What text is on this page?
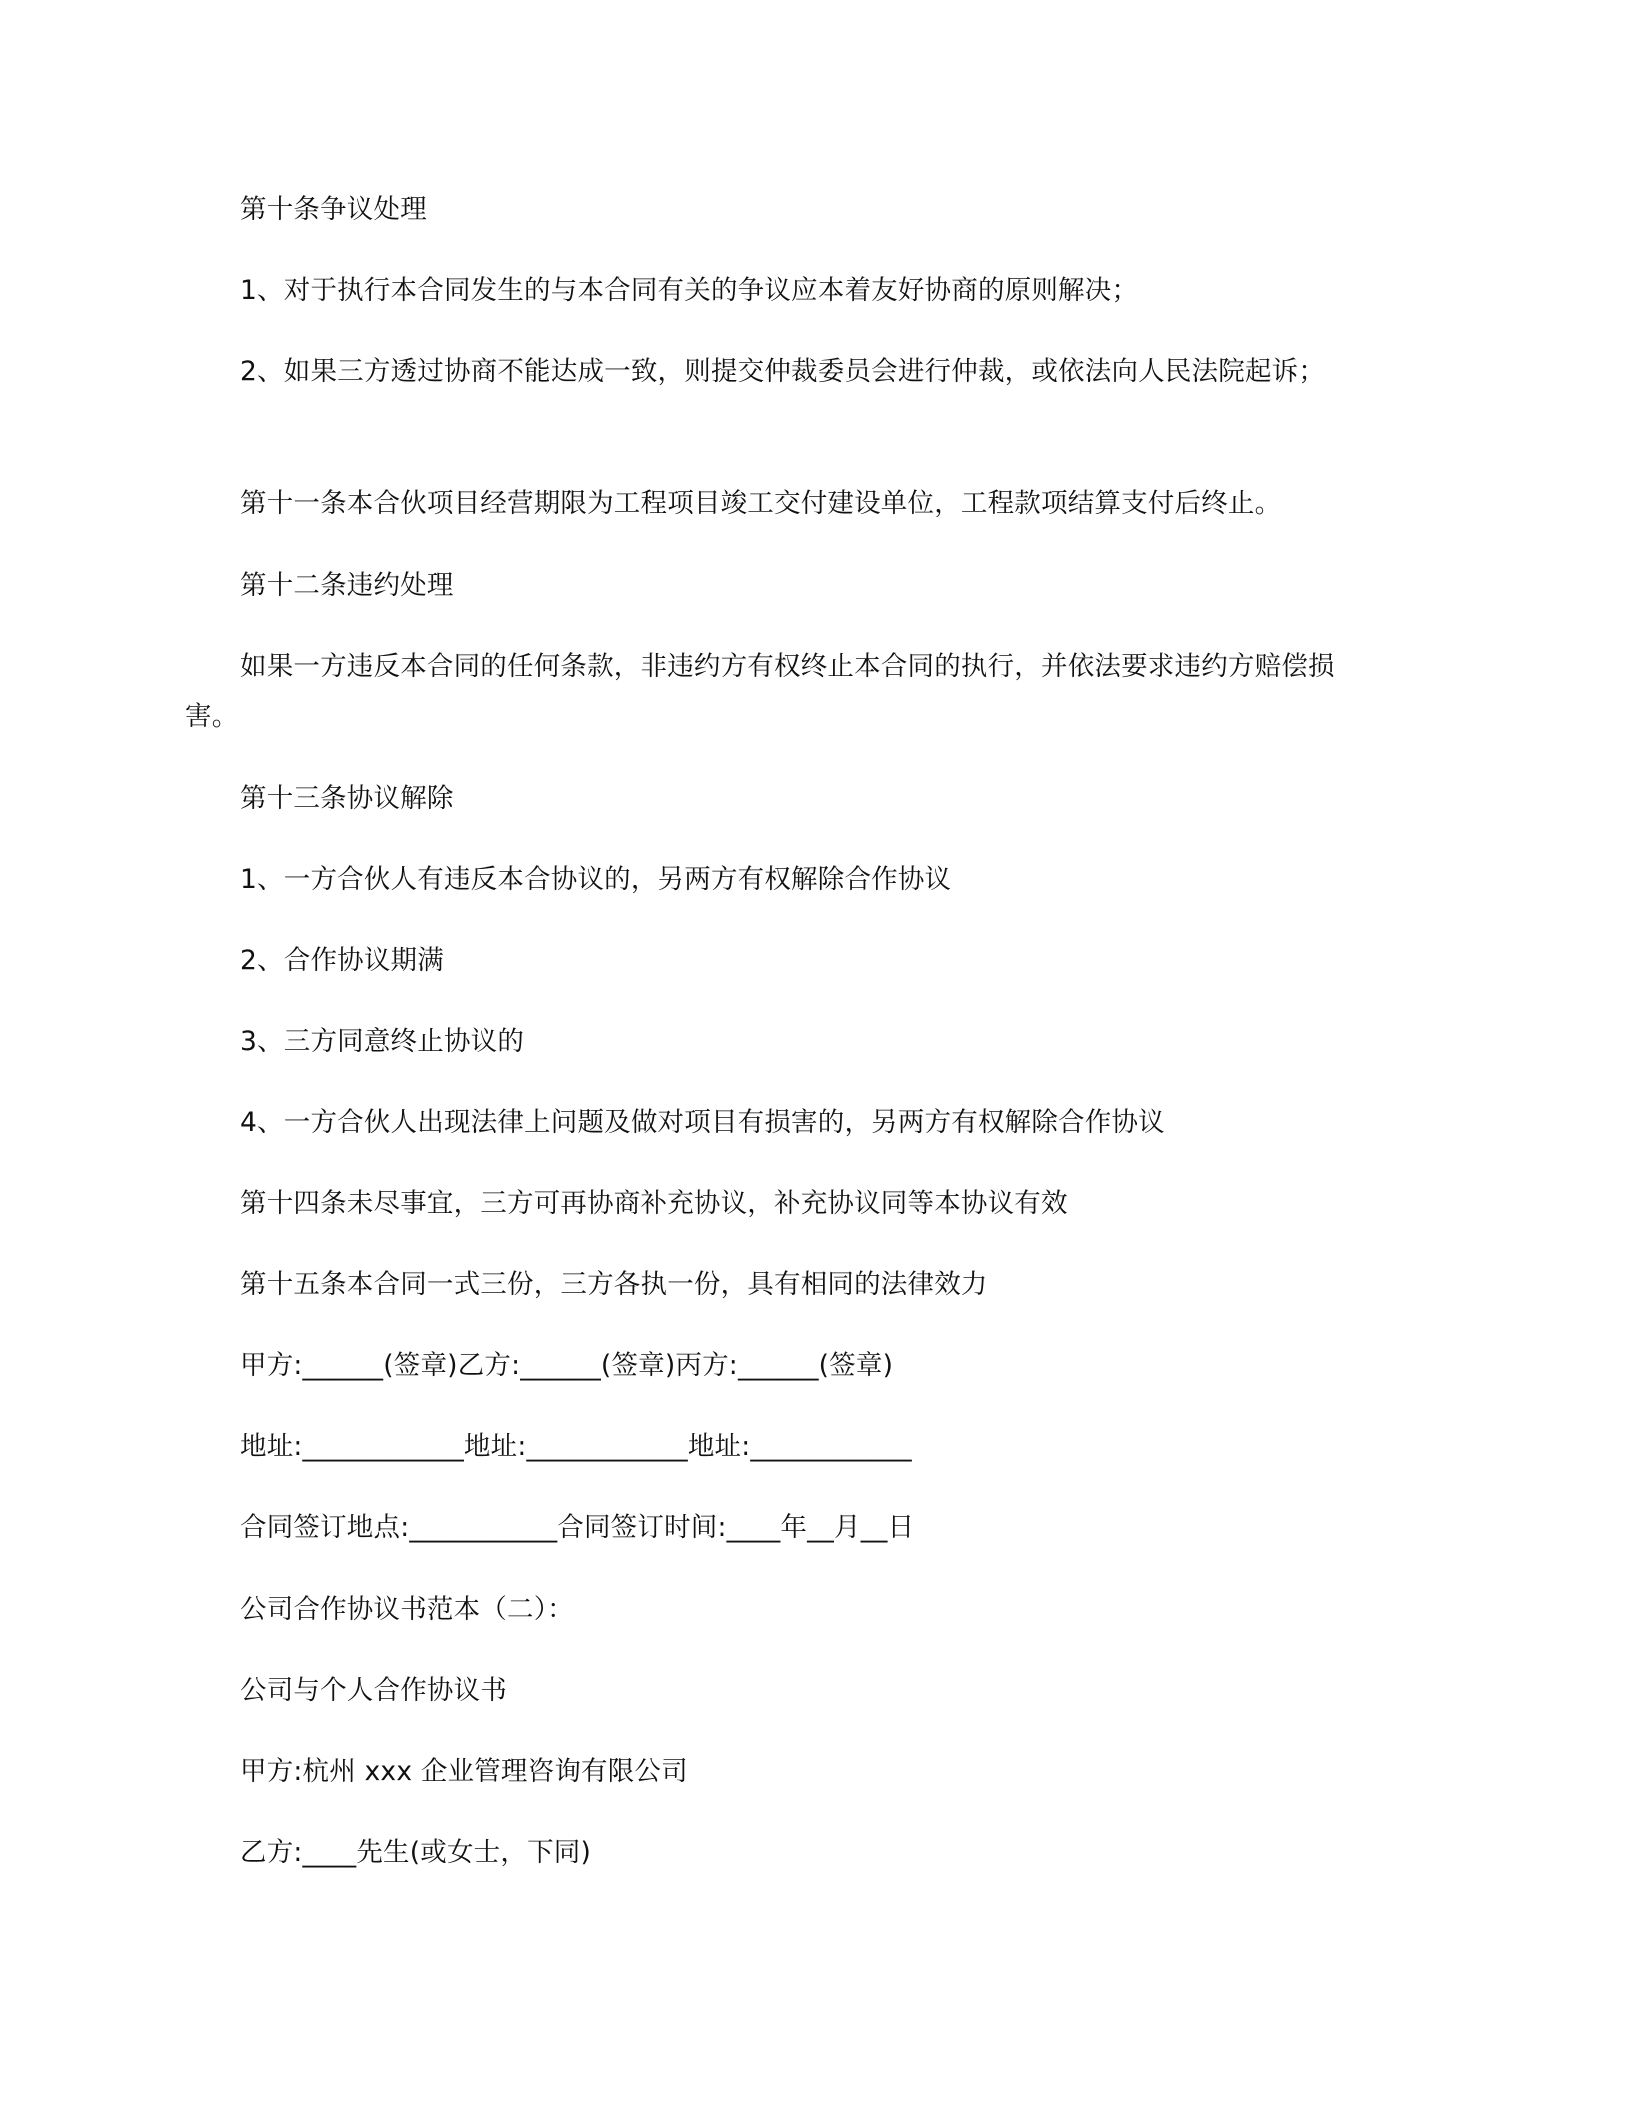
第十条争议处理
1、对于执行本合同发生的与本合同有关的争议应本着友好协商的原则解决；
2、如果三方透过协商不能达成一致，则提交仲裁委员会进行仲裁，或依法向人民法院起诉；
第十一条本合伙项目经营期限为工程项目竣工交付建设单位，工程款项结算支付后终止。
第十二条违约处理
如果一方违反本合同的任何条款，非违约方有权终止本合同的执行，并依法要求违约方赔偿损害。
第十三条协议解除
1、一方合伙人有违反本合协议的，另两方有权解除合作协议
2、合作协议期满
3、三方同意终止协议的
4、一方合伙人出现法律上问题及做对项目有损害的，另两方有权解除合作协议
第十四条未尽事宜，三方可再协商补充协议，补充协议同等本协议有效
第十五条本合同一式三份，三方各执一份，具有相同的法律效力
甲方:______(签章)乙方:______(签章)丙方:______(签章)
地址:____________地址:____________地址:____________
合同签订地点:___________合同签订时间:____年__月__日
公司合作协议书范本（二）：
公司与个人合作协议书
甲方:杭州 xxx 企业管理咨询有限公司
乙方:____先生(或女士，下同)
